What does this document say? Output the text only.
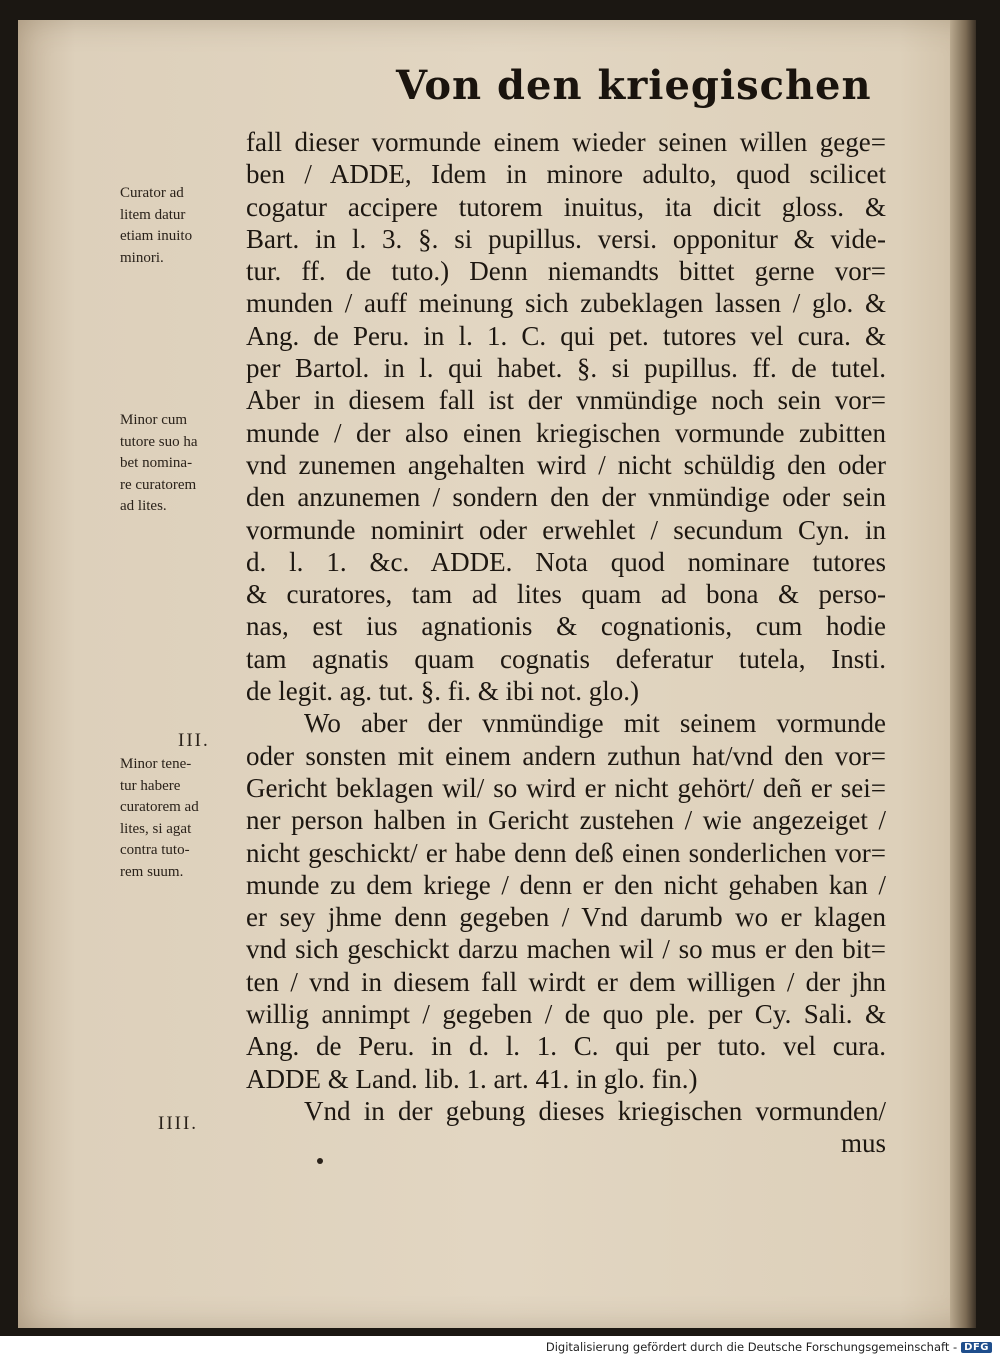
Von den kriegischen
fall dieser vormunde einem wieder seinen willen gege=
ben / ADDE, Idem in minore adulto, quod scilicet
cogatur accipere tutorem inuitus, ita dicit gloss. &
Bart. in l. 3. §. si pupillus. versi. opponitur & vide-
tur. ff. de tuto.) Denn niemandts bittet gerne vor=
munden / auff meinung sich zubeklagen lassen / glo. &
Ang. de Peru. in l. 1. C. qui pet. tutores vel cura. &
per Bartol. in l. qui habet. §. si pupillus. ff. de tutel.
Aber in diesem fall ist der vnmündige noch sein vor=
munde / der also einen kriegischen vormunde zubitten
vnd zunemen angehalten wird / nicht schüldig den oder
den anzunemen / sondern den der vnmündige oder sein
vormunde nominirt oder erwehlet / secundum Cyn. in
d. l. 1. &c. ADDE. Nota quod nominare tutores
& curatores, tam ad lites quam ad bona & perso-
nas, est ius agnationis & cognationis, cum hodie
tam agnatis quam cognatis deferatur tutela, Insti.
de legit. ag. tut. §. fi. & ibi not. glo.)
Wo aber der vnmündige mit seinem vormunde
oder sonsten mit einem andern zuthun hat/vnd den vor=
Gericht beklagen wil/ so wird er nicht gehört/ deñ er sei=
ner person halben in Gericht zustehen / wie angezeiget /
nicht geschickt/ er habe denn deß einen sonderlichen vor=
munde zu dem kriege / denn er den nicht gehaben kan /
er sey jhme denn gegeben / Vnd darumb wo er klagen
vnd sich geschickt darzu machen wil / so mus er den bit=
ten / vnd in diesem fall wirdt er dem willigen / der jhn
willig annimpt / gegeben / de quo ple. per Cy. Sali. &
Ang. de Peru. in d. l. 1. C. qui per tuto. vel cura.
ADDE & Land. lib. 1. art. 41. in glo. fin.)
Vnd in der gebung dieses kriegischen vormunden/
mus
Curator ad
litem datur
etiam inuito
minori.
Minor cum
tutore suo ha
bet nomina-
re curatorem
ad lites.
Minor tene-
tur habere
curatorem ad
lites, si agat
contra tuto-
rem suum.
III.
IIII.
Digitalisierung gefördert durch die Deutsche Forschungsgemeinschaft - DFG
